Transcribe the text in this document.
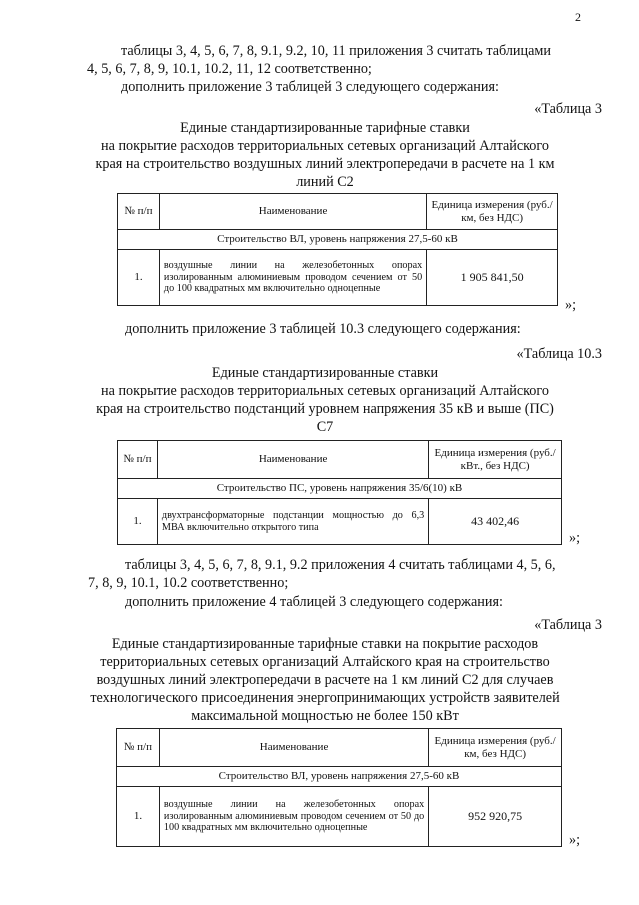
2
таблицы 3, 4, 5, 6, 7, 8, 9.1, 9.2, 10, 11 приложения 3 считать таблицами
4, 5, 6, 7, 8, 9, 10.1, 10.2, 11, 12 соответственно;
дополнить приложение 3 таблицей 3 следующего содержания:
«Таблица 3
Единые стандартизированные тарифные ставки
на покрытие расходов территориальных сетевых организаций Алтайского
края на строительство воздушных линий электропередачи в расчете на 1 км
линий С2
№ п/п	Наименование	Единица измерения (руб./км, без НДС)
Строительство ВЛ, уровень напряжения 27,5-60 кВ		
1.	воздушные линии на железобетонных опорах изолированным алюминиевым проводом сечением от 50 до 100 квадратных мм включительно одноцепные	1 905 841,50
»;
дополнить приложение 3 таблицей 10.3 следующего содержания:
«Таблица 10.3
Единые стандартизированные ставки
на покрытие расходов территориальных сетевых организаций Алтайского
края на строительство подстанций уровнем напряжения 35 кВ и выше (ПС)
С7
№ п/п	Наименование	Единица измерения (руб./кВт., без НДС)
Строительство ПС, уровень напряжения 35/6(10) кВ		
1.	двухтрансформаторные подстанции мощностью до 6,3 МВА включительно открытого типа	43 402,46
»;
таблицы 3, 4, 5, 6, 7, 8, 9.1, 9.2 приложения 4 считать таблицами 4, 5, 6,
7, 8, 9, 10.1, 10.2 соответственно;
дополнить приложение 4 таблицей 3 следующего содержания:
«Таблица 3
Единые стандартизированные тарифные ставки на покрытие расходов
территориальных сетевых организаций Алтайского края на строительство
воздушных линий электропередачи в расчете на 1 км линий С2 для случаев
технологического присоединения энергопринимающих устройств заявителей
максимальной мощностью не более 150 кВт
№ п/п	Наименование	Единица измерения (руб./км, без НДС)
Строительство ВЛ, уровень напряжения 27,5-60 кВ		
1.	воздушные линии на железобетонных опорах изолированным алюминиевым проводом сечением от 50 до 100 квадратных мм включительно одноцепные	952 920,75
»;
